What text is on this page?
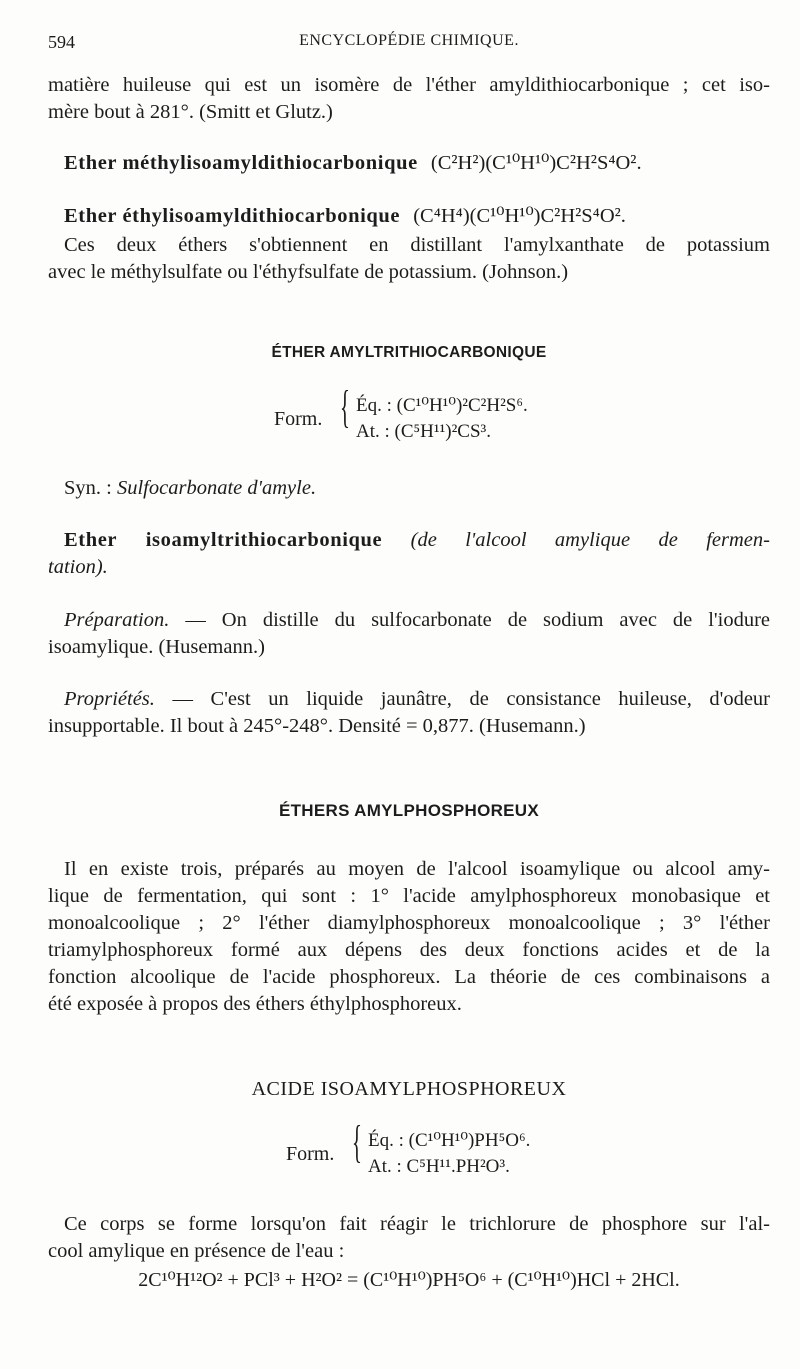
594	ENCYCLOPÉDIE CHIMIQUE.
matière huileuse qui est un isomère de l'éther amyldithiocarbonique ; cet iso-
mère bout à 281°. (Smitt et Glutz.)
Ether méthylisoamyldithiocarbonique (C²H²)(C¹⁰H¹⁰)C²H²S⁴O².
Ether éthylisoamyldithiocarbonique (C⁴H⁴)(C¹⁰H¹⁰)C²H²S⁴O².
Ces deux éthers s'obtiennent en distillant l'amylxanthate de potassium
avec le méthylsulfate ou l'éthyfsulfate de potassium. (Johnson.)
ÉTHER AMYLTRITHIOCARBONIQUE
Form. { Éq. : (C¹⁰H¹⁰)²C²H²S⁶.
At. : (C⁵H¹¹)²CS³.
Syn. : Sulfocarbonate d'amyle.
Ether isoamyltrithiocarbonique (de l'alcool amylique de fermen-
tation).
Préparation. — On distille du sulfocarbonate de sodium avec de l'iodure
isoamylique. (Husemann.)
Propriétés. — C'est un liquide jaunâtre, de consistance huileuse, d'odeur
insupportable. Il bout à 245°-248°. Densité = 0,877. (Husemann.)
ÉTHERS AMYLPHOSPHOREUX
Il en existe trois, préparés au moyen de l'alcool isoamylique ou alcool amy-
lique de fermentation, qui sont : 1° l'acide amylphosphoreux monobasique et
monoalcoolique ; 2° l'éther diamylphosphoreux monoalcoolique ; 3° l'éther
triamylphosphoreux formé aux dépens des deux fonctions acides et de la
fonction alcoolique de l'acide phosphoreux. La théorie de ces combinaisons a
été exposée à propos des éthers éthylphosphoreux.
ACIDE ISOAMYLPHOSPHOREUX
Form. { Éq. : (C¹⁰H¹⁰)PH⁵O⁶.
At. : C⁵H¹¹.PH²O³.
Ce corps se forme lorsqu'on fait réagir le trichlorure de phosphore sur l'al-
cool amylique en présence de l'eau :
2C¹⁰H¹²O² + PCl³ + H²O² = (C¹⁰H¹⁰)PH⁵O⁶ + (C¹⁰H¹⁰)HCl + 2HCl.
